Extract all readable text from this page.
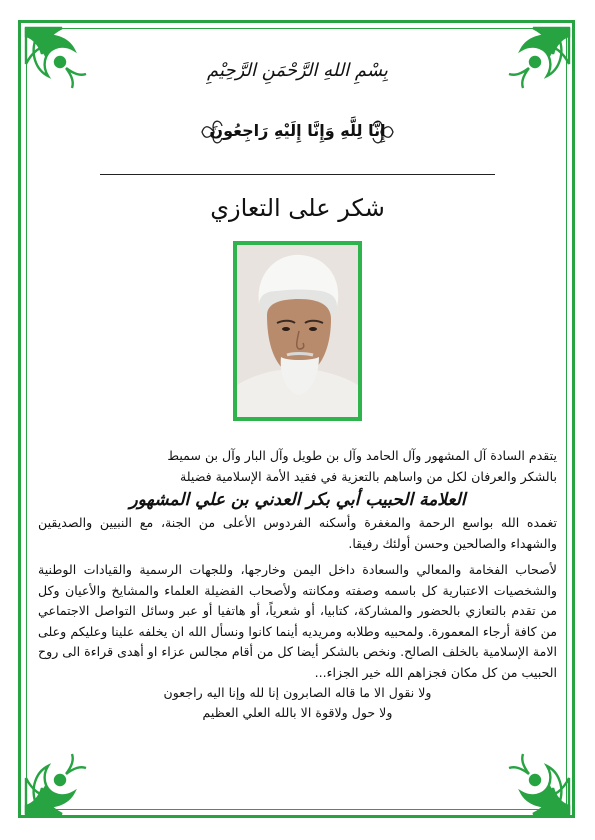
بِسْمِ اللهِ الرَّحْمَنِ الرَّحِيْمِ
إِنَّا لِلَّهِ وَإِنَّا إِلَيْهِ رَاجِعُونَ
شكر على التعازي

يتقدم السادة آل المشهور وآل الحامد وآل بن طويل وآل البار وآل بن سميط

بالشكر والعرفان لكل من واساهم بالتعزية في فقيد الأمة الإسلامية فضيلة

العلامة الحبيب أبي بكر العدني بن علي المشهور

تغمده الله بواسع الرحمة والمغفرة وأسكنه الفردوس الأعلى من الجنة، مع النبيين والصديقين والشهداء والصالحين وحسن أولئك رفيقا.

لأصحاب الفخامة والمعالي والسعادة داخل اليمن وخارجها، وللجهات الرسمية والقيادات الوطنية والشخصيات الاعتبارية كل باسمه وصفته ومكانته ولأصحاب الفضيلة العلماء والمشايخ والأعيان وكل من تقدم بالتعازي بالحضور والمشاركة، كتابيا، أو شعرياً، أو هاتفيا أو عبر وسائل التواصل الاجتماعي من كافة أرجاء المعمورة. ولمحبيه وطلابه ومريديه أينما كانوا ونسأل الله ان يخلفه علينا وعليكم وعلى الامة الإسلامية بالخلف الصالح. ونخص بالشكر أيضا كل من أقام مجالس عزاء او أهدى قراءة الى روح الحبيب من كل مكان فجزاهم الله خير الجزاء...

ولا نقول الا ما قاله الصابرون إنا لله وإنا اليه راجعون

ولا حول ولاقوة الا بالله العلي العظيم
